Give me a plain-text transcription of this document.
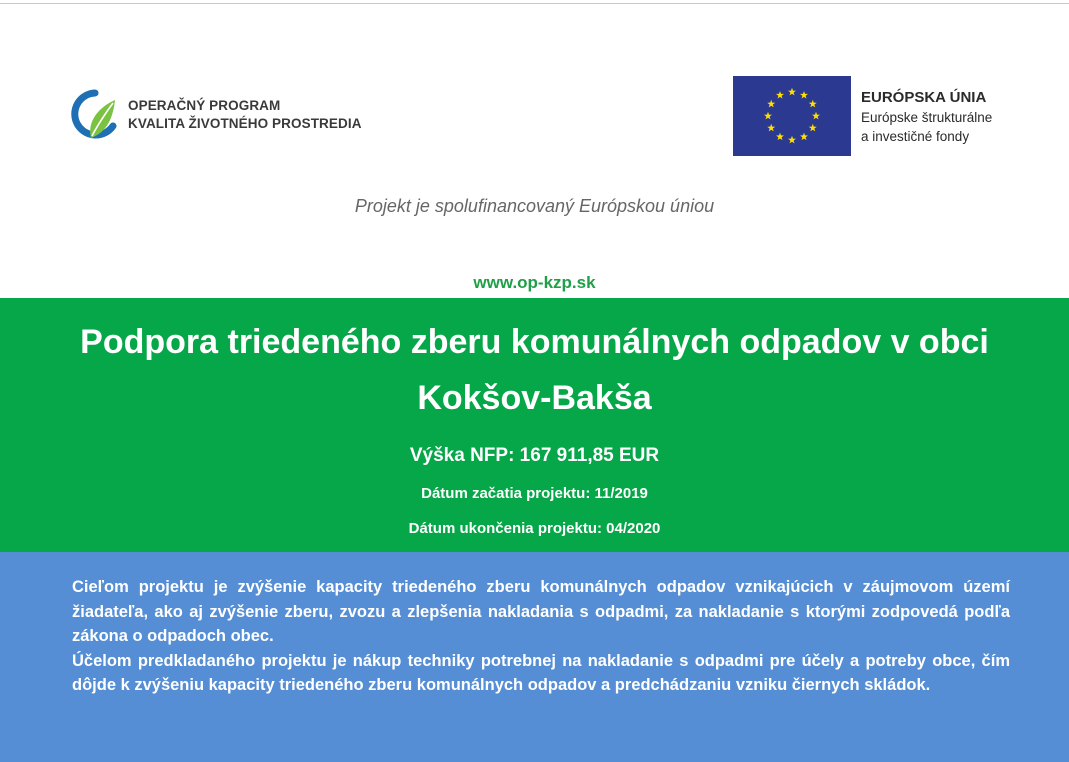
OPERAČNÝ PROGRAM
KVALITA ŽIVOTNÉHO PROSTREDIA
EURÓPSKA ÚNIA
Európske štrukturálne
a investičné fondy
Projekt je spolufinancovaný Európskou úniou
www.op-kzp.sk
Podpora triedeného zberu komunálnych odpadov v obci
Kokšov-Bakša
Výška NFP: 167 911,85 EUR
Dátum začatia projektu: 11/2019
Dátum ukončenia projektu: 04/2020

Cieľom projektu je zvýšenie kapacity triedeného zberu komunálnych odpadov vznikajúcich v záujmovom území žiadateľa, ako aj zvýšenie zberu, zvozu a zlepšenia nakladania s odpadmi, za nakladanie s ktorými zodpovedá podľa zákona o odpadoch obec.

Účelom predkladaného projektu je nákup techniky potrebnej na nakladanie s odpadmi pre účely a potreby obce, čím dôjde k zvýšeniu kapacity triedeného zberu komunálnych odpadov a predchádzaniu vzniku čiernych skládok.
